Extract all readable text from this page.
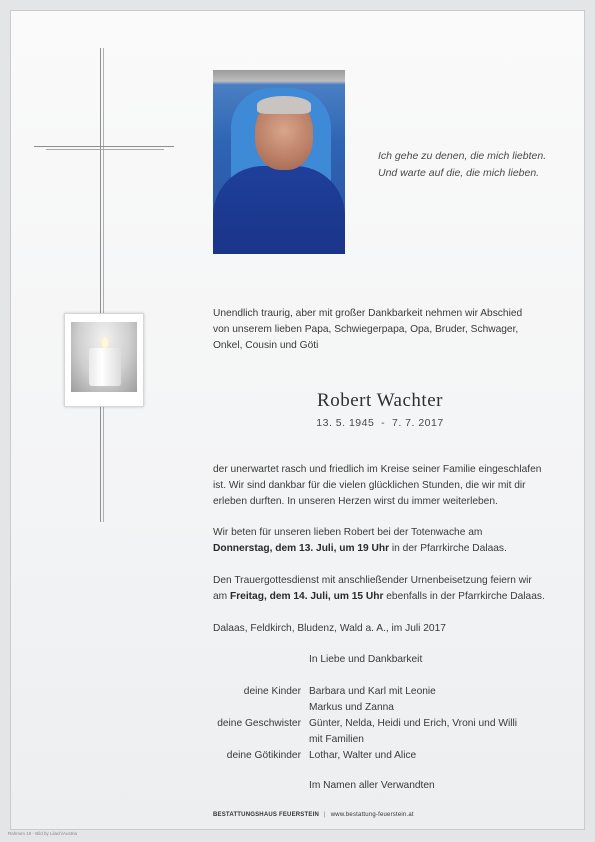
Ich gehe zu denen, die mich liebten.
Und warte auf die, die mich lieben.
Unendlich traurig, aber mit großer Dankbarkeit nehmen wir Abschied
von unserem lieben Papa, Schwiegerpapa, Opa, Bruder, Schwager,
Onkel, Cousin und Göti
Robert Wachter
13. 5. 1945  -  7. 7. 2017
der unerwartet rasch und friedlich im Kreise seiner Familie eingeschlafen
ist. Wir sind dankbar für die vielen glücklichen Stunden, die wir mit dir
erleben durften. In unseren Herzen wirst du immer weiterleben.
Wir beten für unseren lieben Robert bei der Totenwache am
Donnerstag, dem 13. Juli, um 19 Uhr in der Pfarrkirche Dalaas.
Den Trauergottesdienst mit anschließender Urnenbeisetzung feiern wir
am Freitag, dem 14. Juli, um 15 Uhr ebenfalls in der Pfarrkirche Dalaas.
Dalaas, Feldkirch, Bludenz, Wald a. A., im Juli 2017
In Liebe und Dankbarkeit
deine Kinder Barbara und Karl mit Leonie
Markus und Zanna
deine Geschwister Günter, Nelda, Heidi und Erich, Vroni und Willi
mit Familien
deine Götikinder Lothar, Walter und Alice
Im Namen aller Verwandten
BESTATTUNGSHAUS FEUERSTEIN | www.bestattung-feuerstein.at
Rahmen 19 - Bild by Lilach/Austria
